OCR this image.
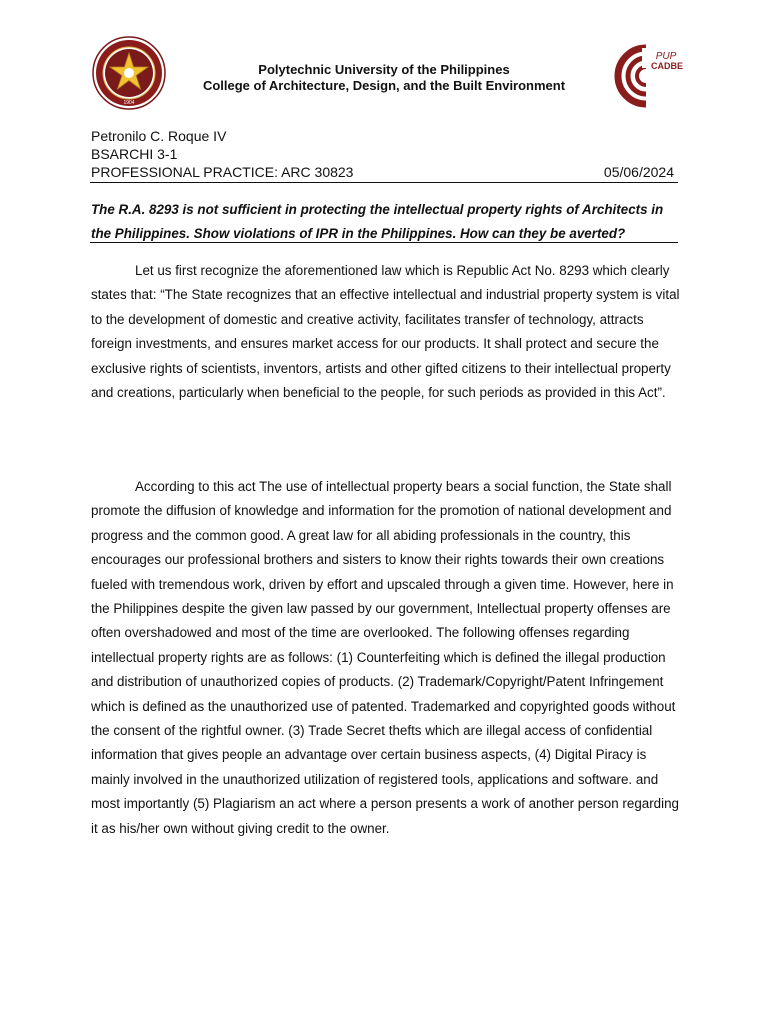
1904
Polytechnic University of the Philippines
College of Architecture, Design, and the Built Environment
PUP
CADBE
Petronilo C. Roque IV
BSARCHI 3-1
PROFESSIONAL PRACTICE: ARC 30823	05/06/2024
The R.A. 8293 is not sufficient in protecting the intellectual property rights of Architects in the Philippines. Show violations of IPR in the Philippines. How can they be averted?

Let us first recognize the aforementioned law which is Republic Act No. 8293 which clearly states that: “The State recognizes that an effective intellectual and industrial property system is vital to the development of domestic and creative activity, facilitates transfer of technology, attracts foreign investments, and ensures market access for our products. It shall protect and secure the exclusive rights of scientists, inventors, artists and other gifted citizens to their intellectual property and creations, particularly when beneficial to the people, for such periods as provided in this Act”.

According to this act The use of intellectual property bears a social function, the State shall promote the diffusion of knowledge and information for the promotion of national development and progress and the common good. A great law for all abiding professionals in the country, this encourages our professional brothers and sisters to know their rights towards their own creations fueled with tremendous work, driven by effort and upscaled through a given time. However, here in the Philippines despite the given law passed by our government, Intellectual property offenses are often overshadowed and most of the time are overlooked. The following offenses regarding intellectual property rights are as follows: (1) Counterfeiting which is defined the illegal production and distribution of unauthorized copies of products. (2) Trademark/Copyright/Patent Infringement which is defined as the unauthorized use of patented. Trademarked and copyrighted goods without the consent of the rightful owner. (3) Trade Secret thefts which are illegal access of confidential information that gives people an advantage over certain business aspects, (4) Digital Piracy is mainly involved in the unauthorized utilization of registered tools, applications and software. and most importantly (5) Plagiarism an act where a person presents a work of another person regarding it as his/her own without giving credit to the owner.
